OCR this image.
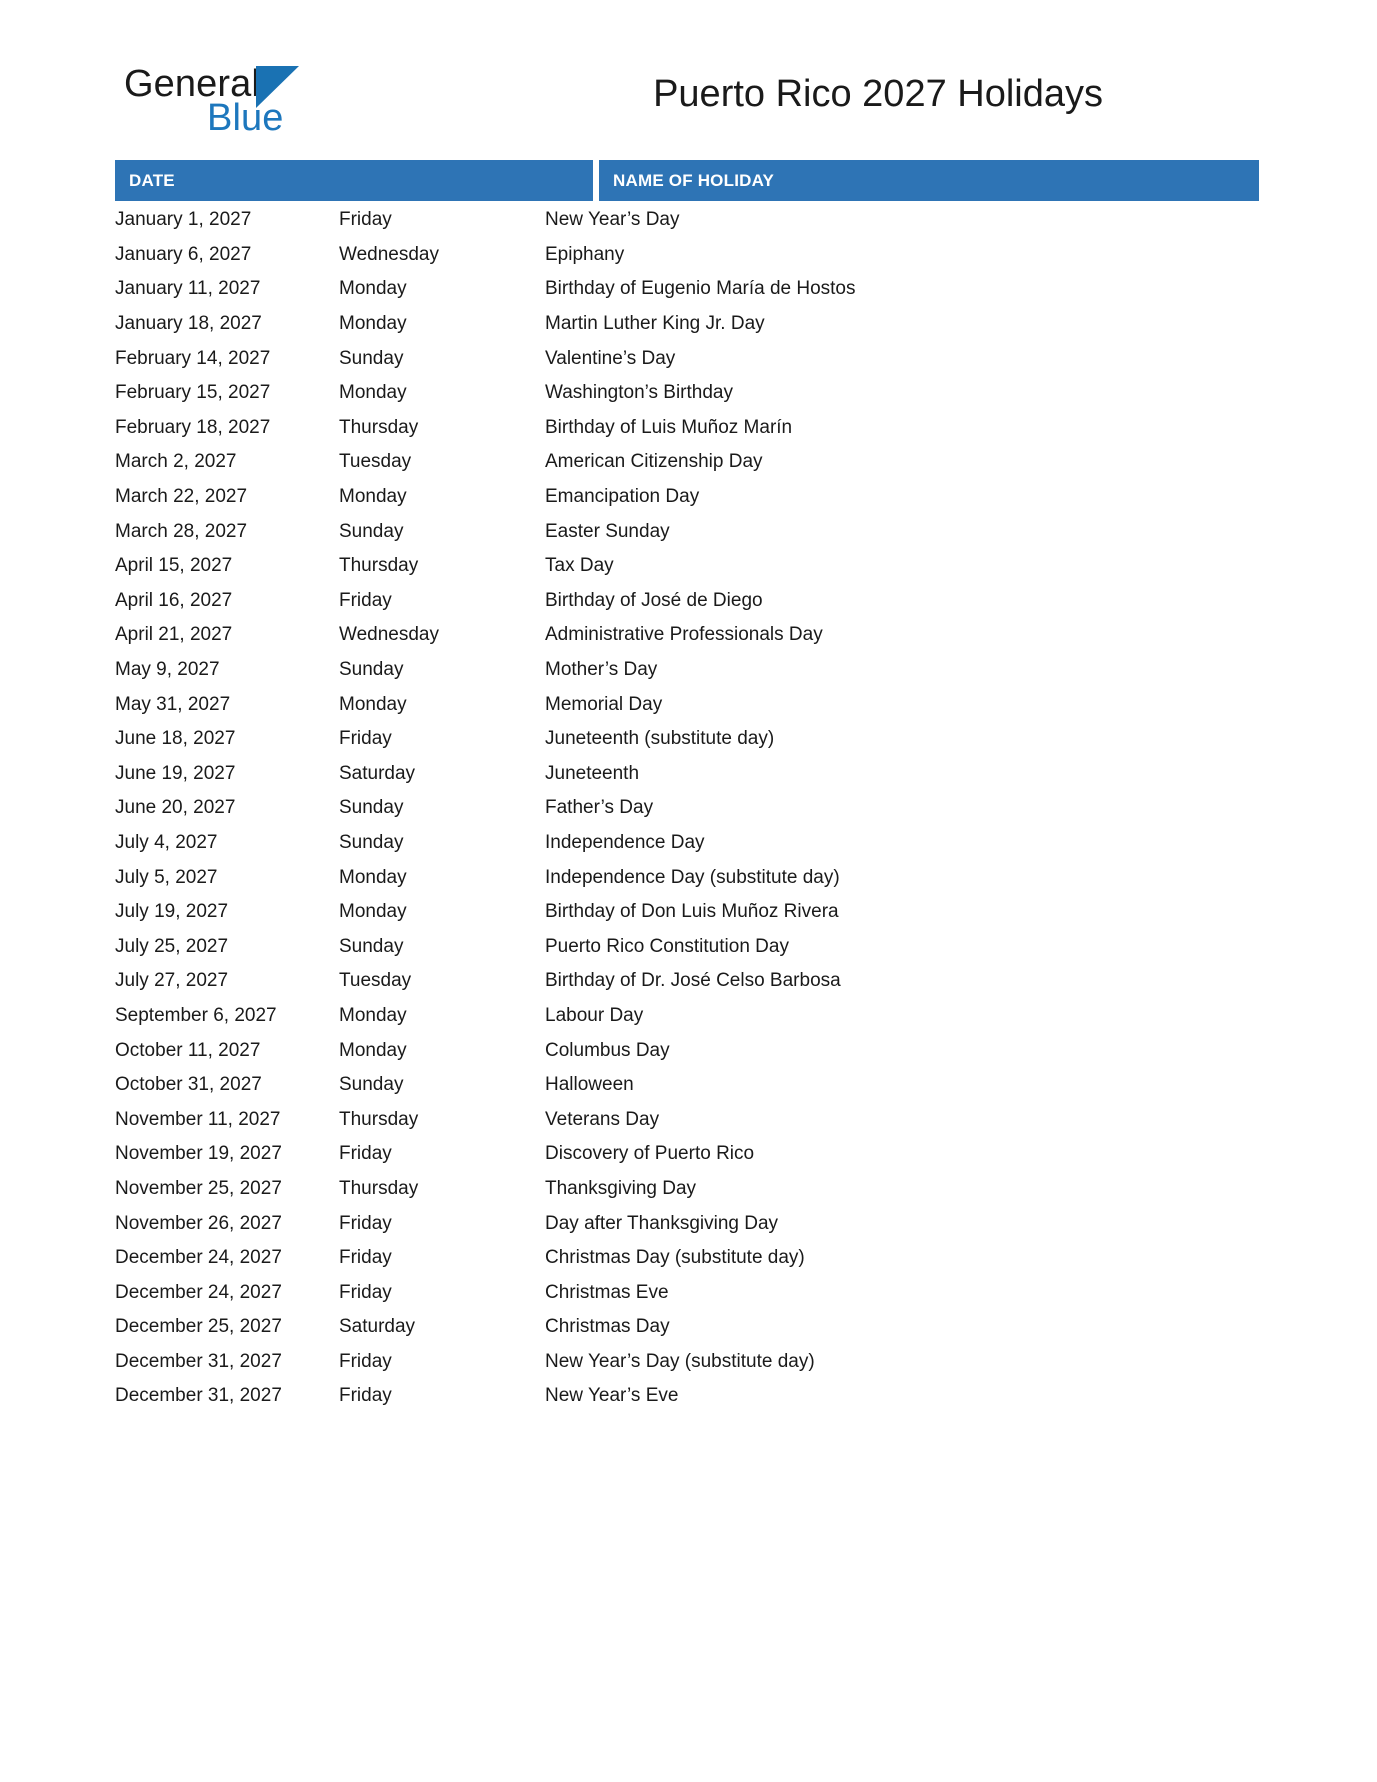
General
Blue
Puerto Rico 2027 Holidays
DATE	NAME OF HOLIDAY
January 1, 2027	Friday	New Year’s Day
January 6, 2027	Wednesday	Epiphany
January 11, 2027	Monday	Birthday of Eugenio María de Hostos
January 18, 2027	Monday	Martin Luther King Jr. Day
February 14, 2027	Sunday	Valentine’s Day
February 15, 2027	Monday	Washington’s Birthday
February 18, 2027	Thursday	Birthday of Luis Muñoz Marín
March 2, 2027	Tuesday	American Citizenship Day
March 22, 2027	Monday	Emancipation Day
March 28, 2027	Sunday	Easter Sunday
April 15, 2027	Thursday	Tax Day
April 16, 2027	Friday	Birthday of José de Diego
April 21, 2027	Wednesday	Administrative Professionals Day
May 9, 2027	Sunday	Mother’s Day
May 31, 2027	Monday	Memorial Day
June 18, 2027	Friday	Juneteenth (substitute day)
June 19, 2027	Saturday	Juneteenth
June 20, 2027	Sunday	Father’s Day
July 4, 2027	Sunday	Independence Day
July 5, 2027	Monday	Independence Day (substitute day)
July 19, 2027	Monday	Birthday of Don Luis Muñoz Rivera
July 25, 2027	Sunday	Puerto Rico Constitution Day
July 27, 2027	Tuesday	Birthday of Dr. José Celso Barbosa
September 6, 2027	Monday	Labour Day
October 11, 2027	Monday	Columbus Day
October 31, 2027	Sunday	Halloween
November 11, 2027	Thursday	Veterans Day
November 19, 2027	Friday	Discovery of Puerto Rico
November 25, 2027	Thursday	Thanksgiving Day
November 26, 2027	Friday	Day after Thanksgiving Day
December 24, 2027	Friday	Christmas Day (substitute day)
December 24, 2027	Friday	Christmas Eve
December 25, 2027	Saturday	Christmas Day
December 31, 2027	Friday	New Year’s Day (substitute day)
December 31, 2027	Friday	New Year’s Eve
